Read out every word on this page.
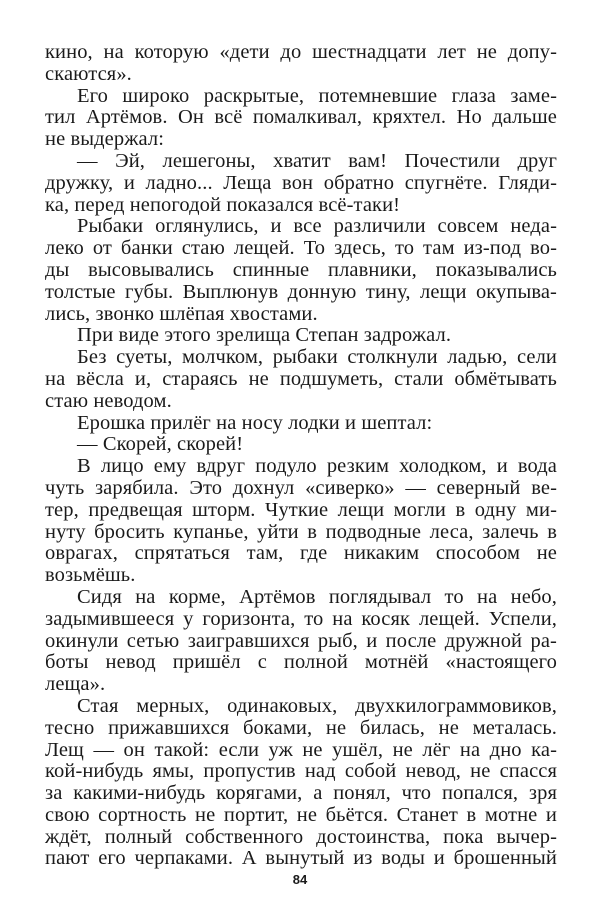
кино, на которую «дети до шестнадцати лет не допу-
скаются».
Его широко раскрытые, потемневшие глаза заме-
тил Артёмов. Он всё помалкивал, кряхтел. Но дальше
не выдержал:
— Эй, лешегоны, хватит вам! Почестили друг
дружку, и ладно... Леща вон обратно спугнёте. Гляди-
ка, перед непогодой показался всё-таки!
Рыбаки оглянулись, и все различили совсем неда-
леко от банки стаю лещей. То здесь, то там из-под во-
ды высовывались спинные плавники, показывались
толстые губы. Выплюнув донную тину, лещи окупыва-
лись, звонко шлёпая хвостами.
При виде этого зрелища Степан задрожал.
Без суеты, молчком, рыбаки столкнули ладью, сели
на вёсла и, стараясь не подшуметь, стали обмётывать
стаю неводом.
Ерошка прилёг на носу лодки и шептал:
— Скорей, скорей!
В лицо ему вдруг подуло резким холодком, и вода
чуть зарябила. Это дохнул «сиверко» — северный ве-
тер, предвещая шторм. Чуткие лещи могли в одну ми-
нуту бросить купанье, уйти в подводные леса, залечь в
оврагах, спрятаться там, где никаким способом не
возьмёшь.
Сидя на корме, Артёмов поглядывал то на небо,
задымившееся у горизонта, то на косяк лещей. Успели,
окинули сетью заигравшихся рыб, и после дружной ра-
боты невод пришёл с полной мотнёй «настоящего
леща».
Стая мерных, одинаковых, двухкилограммовиков,
тесно прижавшихся боками, не билась, не металась.
Лещ — он такой: если уж не ушёл, не лёг на дно ка-
кой-нибудь ямы, пропустив над собой невод, не спасся
за какими-нибудь корягами, а понял, что попался, зря
свою сортность не портит, не бьётся. Станет в мотне и
ждёт, полный собственного достоинства, пока вычер-
пают его черпаками. А вынутый из воды и брошенный
84
